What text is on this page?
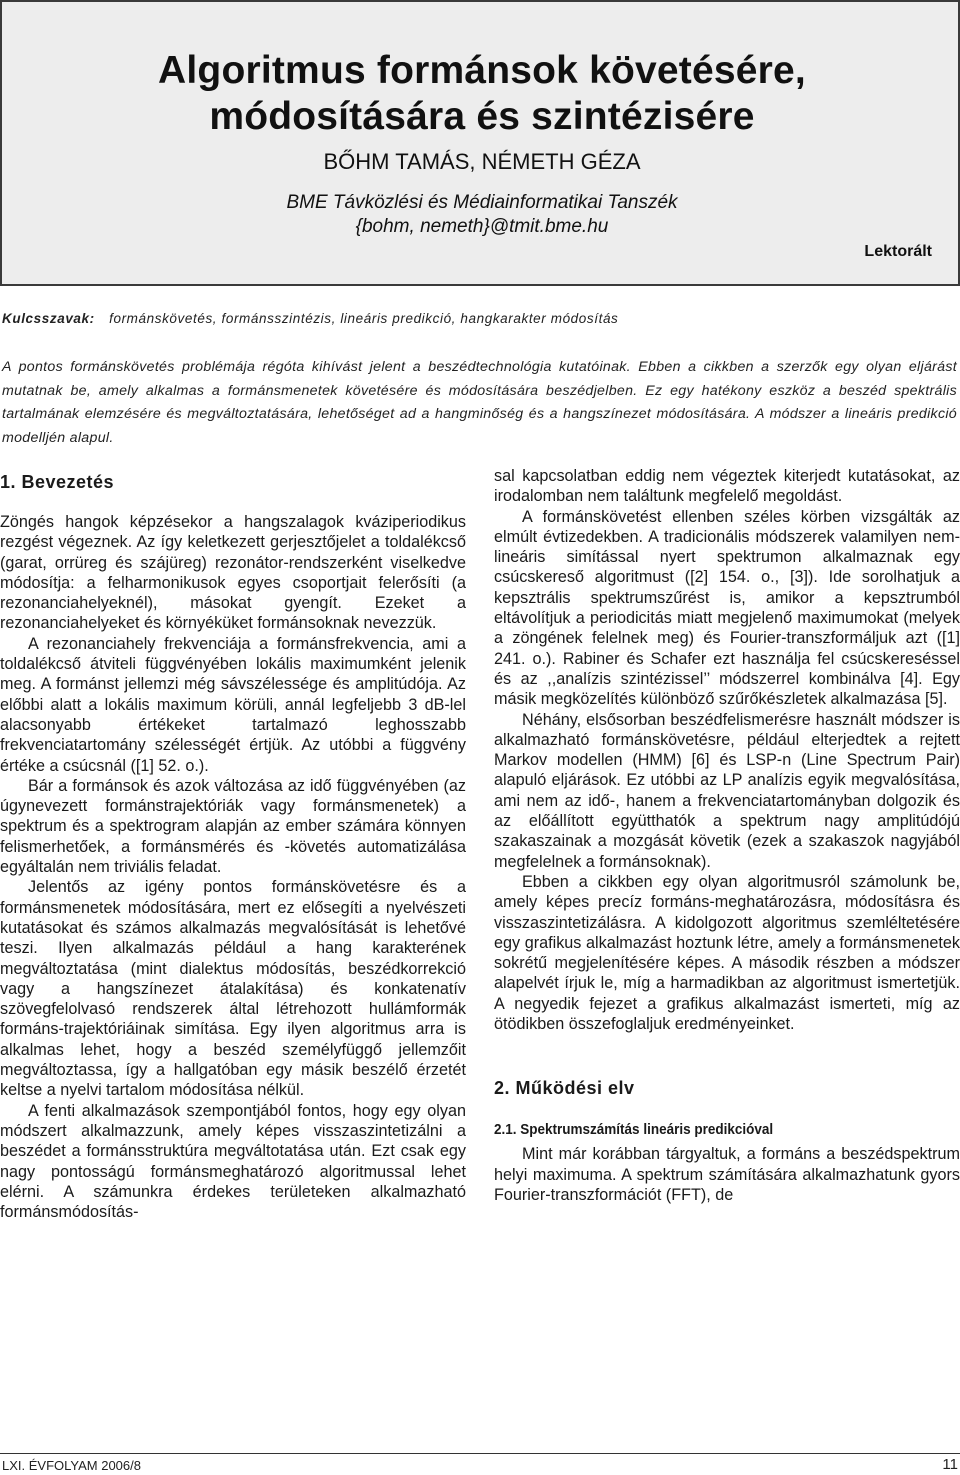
Algoritmus formánsok követésére,
módosítására és szintézisére
BŐHM TAMÁS, NÉMETH GÉZA
BME Távközlési és Médiainformatikai Tanszék
{bohm, nemeth}@tmit.bme.hu
Lektorált
Kulcsszavak: formánskövetés, formánsszintézis, lineáris predikció, hangkarakter módosítás
A pontos formánskövetés problémája régóta kihívást jelent a beszédtechnológia kutatóinak. Ebben a cikkben a szerzők egy olyan eljárást mutatnak be, amely alkalmas a formánsmenetek követésére és módosítására beszédjelben. Ez egy hatékony eszköz a beszéd spektrális tartalmának elemzésére és megváltoztatására, lehetőséget ad a hangminőség és a hangszínezet módosítására. A módszer a lineáris predikció modelljén alapul.
1. Bevezetés

Zöngés hangok képzésekor a hangszalagok kváziperiodikus rezgést végeznek. Az így keletkezett gerjesztőjelet a toldalékcső (garat, orrüreg és szájüreg) rezonátor-rendszerként viselkedve módosítja: a felharmonikusok egyes csoportjait felerősíti (a rezonanciahelyeknél), másokat gyengít. Ezeket a rezonanciahelyeket és környéküket formánsoknak nevezzük.

A rezonanciahely frekvenciája a formánsfrekvencia, ami a toldalékcső átviteli függvényében lokális maximumként jelenik meg. A formánst jellemzi még sávszélessége és amplitúdója. Az előbbi alatt a lokális maximum körüli, annál legfeljebb 3 dB-lel alacsonyabb értékeket tartalmazó leghosszabb frekvenciatartomány szélességét értjük. Az utóbbi a függvény értéke a csúcsnál ([1] 52. o.).

Bár a formánsok és azok változása az idő függvényében (az úgynevezett formánstrajektóriák vagy formánsmenetek) a spektrum és a spektrogram alapján az ember számára könnyen felismerhetőek, a formánsmérés és -követés automatizálása egyáltalán nem triviális feladat.

Jelentős az igény pontos formánskövetésre és a formánsmenetek módosítására, mert ez elősegíti a nyelvészeti kutatásokat és számos alkalmazás megvalósítását is lehetővé teszi. Ilyen alkalmazás például a hang karakterének megváltoztatása (mint dialektus módosítás, beszédkorrekció vagy a hangszínezet átalakítása) és konkatenatív szövegfelolvasó rendszerek által létrehozott hullámformák formáns-trajektóriáinak simítása. Egy ilyen algoritmus arra is alkalmas lehet, hogy a beszéd személyfüggő jellemzőit megváltoztassa, így a hallgatóban egy másik beszélő érzetét keltse a nyelvi tartalom módosítása nélkül.

A fenti alkalmazások szempontjából fontos, hogy egy olyan módszert alkalmazzunk, amely képes visszaszintetizálni a beszédet a formánsstruktúra megváltotatása után. Ezt csak egy nagy pontosságú formánsmeghatározó algoritmussal lehet elérni. A számunkra érdekes területeken alkalmazható formánsmódosítás-

sal kapcsolatban eddig nem végeztek kiterjedt kutatásokat, az irodalomban nem találtunk megfelelő megoldást.

A formánskövetést ellenben széles körben vizsgálták az elmúlt évtizedekben. A tradicionális módszerek valamilyen nem-lineáris simítással nyert spektrumon alkalmaznak egy csúcskereső algoritmust ([2] 154. o., [3]). Ide sorolhatjuk a kepsztrális spektrumszűrést is, amikor a kepsztrumból eltávolítjuk a periodicitás miatt megjelenő maximumokat (melyek a zöngének felelnek meg) és Fourier-transzformáljuk azt ([1] 241. o.). Rabiner és Schafer ezt használja fel csúcskereséssel és az ,,analízis szintézissel’’ módszerrel kombinálva [4]. Egy másik megközelítés különböző szűrőkészletek alkalmazása [5].

Néhány, elsősorban beszédfelismerésre használt módszer is alkalmazható formánskövetésre, például elterjedtek a rejtett Markov modellen (HMM) [6] és LSP-n (Line Spectrum Pair) alapuló eljárások. Ez utóbbi az LP analízis egyik megvalósítása, ami nem az idő-, hanem a frekvenciatartományban dolgozik és az előállított együtthatók a spektrum nagy amplitúdójú szakaszainak a mozgását követik (ezek a szakaszok nagyjából megfelelnek a formánsoknak).

Ebben a cikkben egy olyan algoritmusról számolunk be, amely képes precíz formáns-meghatározásra, módosításra és visszaszintetizálásra. A kidolgozott algoritmus szemléltetésére egy grafikus alkalmazást hoztunk létre, amely a formánsmenetek sokrétű megjelenítésére képes. A második részben a módszer alapelvét írjuk le, míg a harmadikban az algoritmust ismertetjük. A negyedik fejezet a grafikus alkalmazást ismerteti, míg az ötödikben összefoglaljuk eredményeinket.

2. Működési elv
2.1. Spektrumszámítás lineáris predikcióval

Mint már korábban tárgyaltuk, a formáns a beszédspektrum helyi maximuma. A spektrum számítására alkalmazhatunk gyors Fourier-transzformációt (FFT), de

LXI. ÉVFOLYAM 2006/8	11
